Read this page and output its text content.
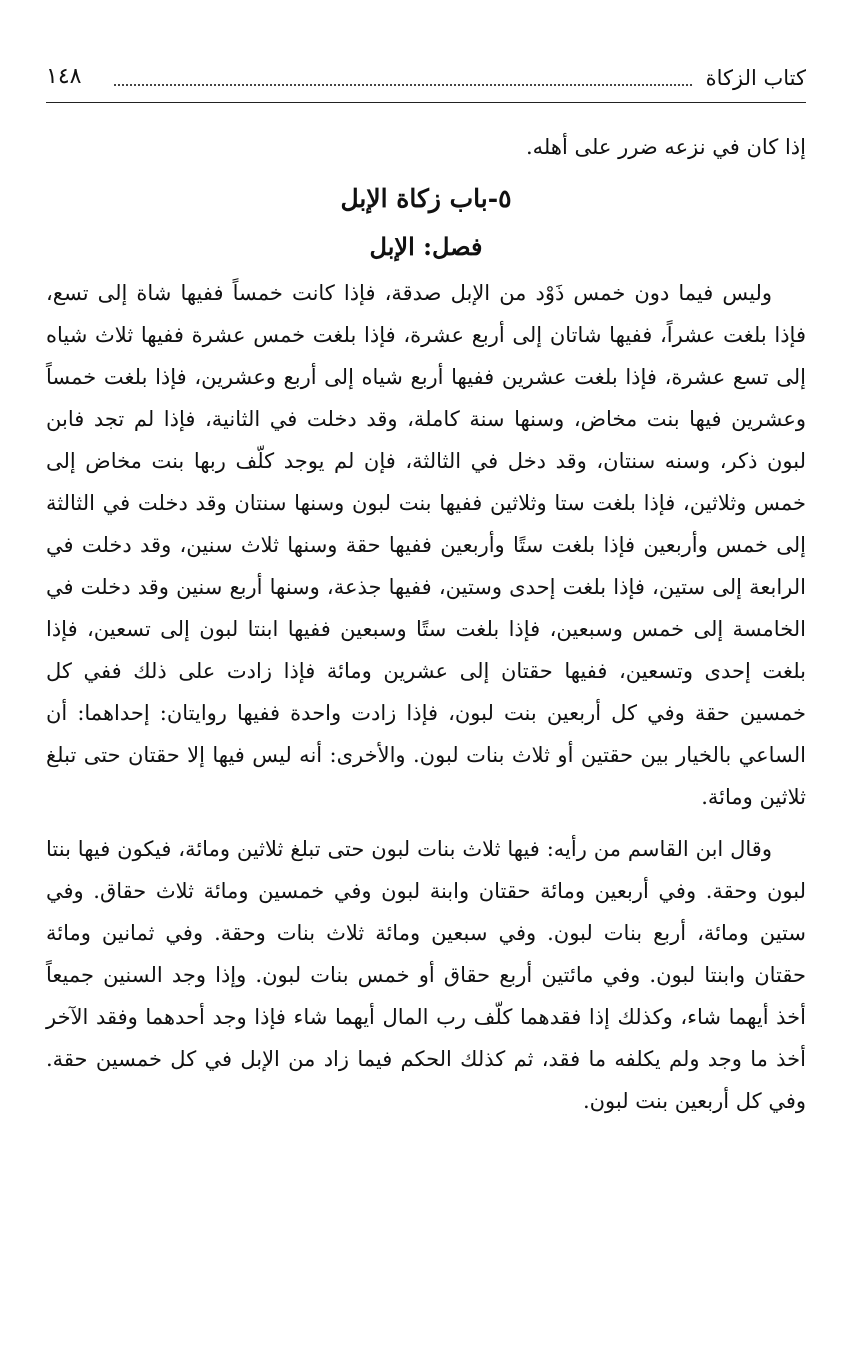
كتاب الزكاة
١٤٨

إذا كان في نزعه ضرر على أهله.

٥-باب زكاة الإبل
فصل: الإبل

وليس فيما دون خمس ذَوْد من الإبل صدقة، فإذا كانت خمساً ففيها شاة إلى تسع، فإذا بلغت عشراً، ففيها شاتان إلى أربع عشرة، فإذا بلغت خمس عشرة ففيها ثلاث شياه إلى تسع عشرة، فإذا بلغت عشرين ففيها أربع شياه إلى أربع وعشرين، فإذا بلغت خمساً وعشرين فيها بنت مخاض، وسنها سنة كاملة، وقد دخلت في الثانية، فإذا لم تجد فابن لبون ذكر، وسنه سنتان، وقد دخل في الثالثة، فإن لم يوجد كلّف ربها بنت مخاض إلى خمس وثلاثين، فإذا بلغت ستا وثلاثين ففيها بنت لبون وسنها سنتان وقد دخلت في الثالثة إلى خمس وأربعين فإذا بلغت ستًا وأربعين ففيها حقة وسنها ثلاث سنين، وقد دخلت في الرابعة إلى ستين، فإذا بلغت إحدى وستين، ففيها جذعة، وسنها أربع سنين وقد دخلت في الخامسة إلى خمس وسبعين، فإذا بلغت ستًا وسبعين ففيها ابنتا لبون إلى تسعين، فإذا بلغت إحدى وتسعين، ففيها حقتان إلى عشرين ومائة فإذا زادت على ذلك ففي كل خمسين حقة وفي كل أربعين بنت لبون، فإذا زادت واحدة ففيها روايتان: إحداهما: أن الساعي بالخيار بين حقتين أو ثلاث بنات لبون. والأخرى: أنه ليس فيها إلا حقتان حتى تبلغ ثلاثين ومائة.

وقال ابن القاسم من رأيه: فيها ثلاث بنات لبون حتى تبلغ ثلاثين ومائة، فيكون فيها بنتا لبون وحقة. وفي أربعين ومائة حقتان وابنة لبون وفي خمسين ومائة ثلاث حقاق. وفي ستين ومائة، أربع بنات لبون. وفي سبعين ومائة ثلاث بنات وحقة. وفي ثمانين ومائة حقتان وابنتا لبون. وفي مائتين أربع حقاق أو خمس بنات لبون. وإذا وجد السنين جميعاً أخذ أيهما شاء، وكذلك إذا فقدهما كلّف رب المال أيهما شاء فإذا وجد أحدهما وفقد الآخر أخذ ما وجد ولم يكلفه ما فقد، ثم كذلك الحكم فيما زاد من الإبل في كل خمسين حقة. وفي كل أربعين بنت لبون.
